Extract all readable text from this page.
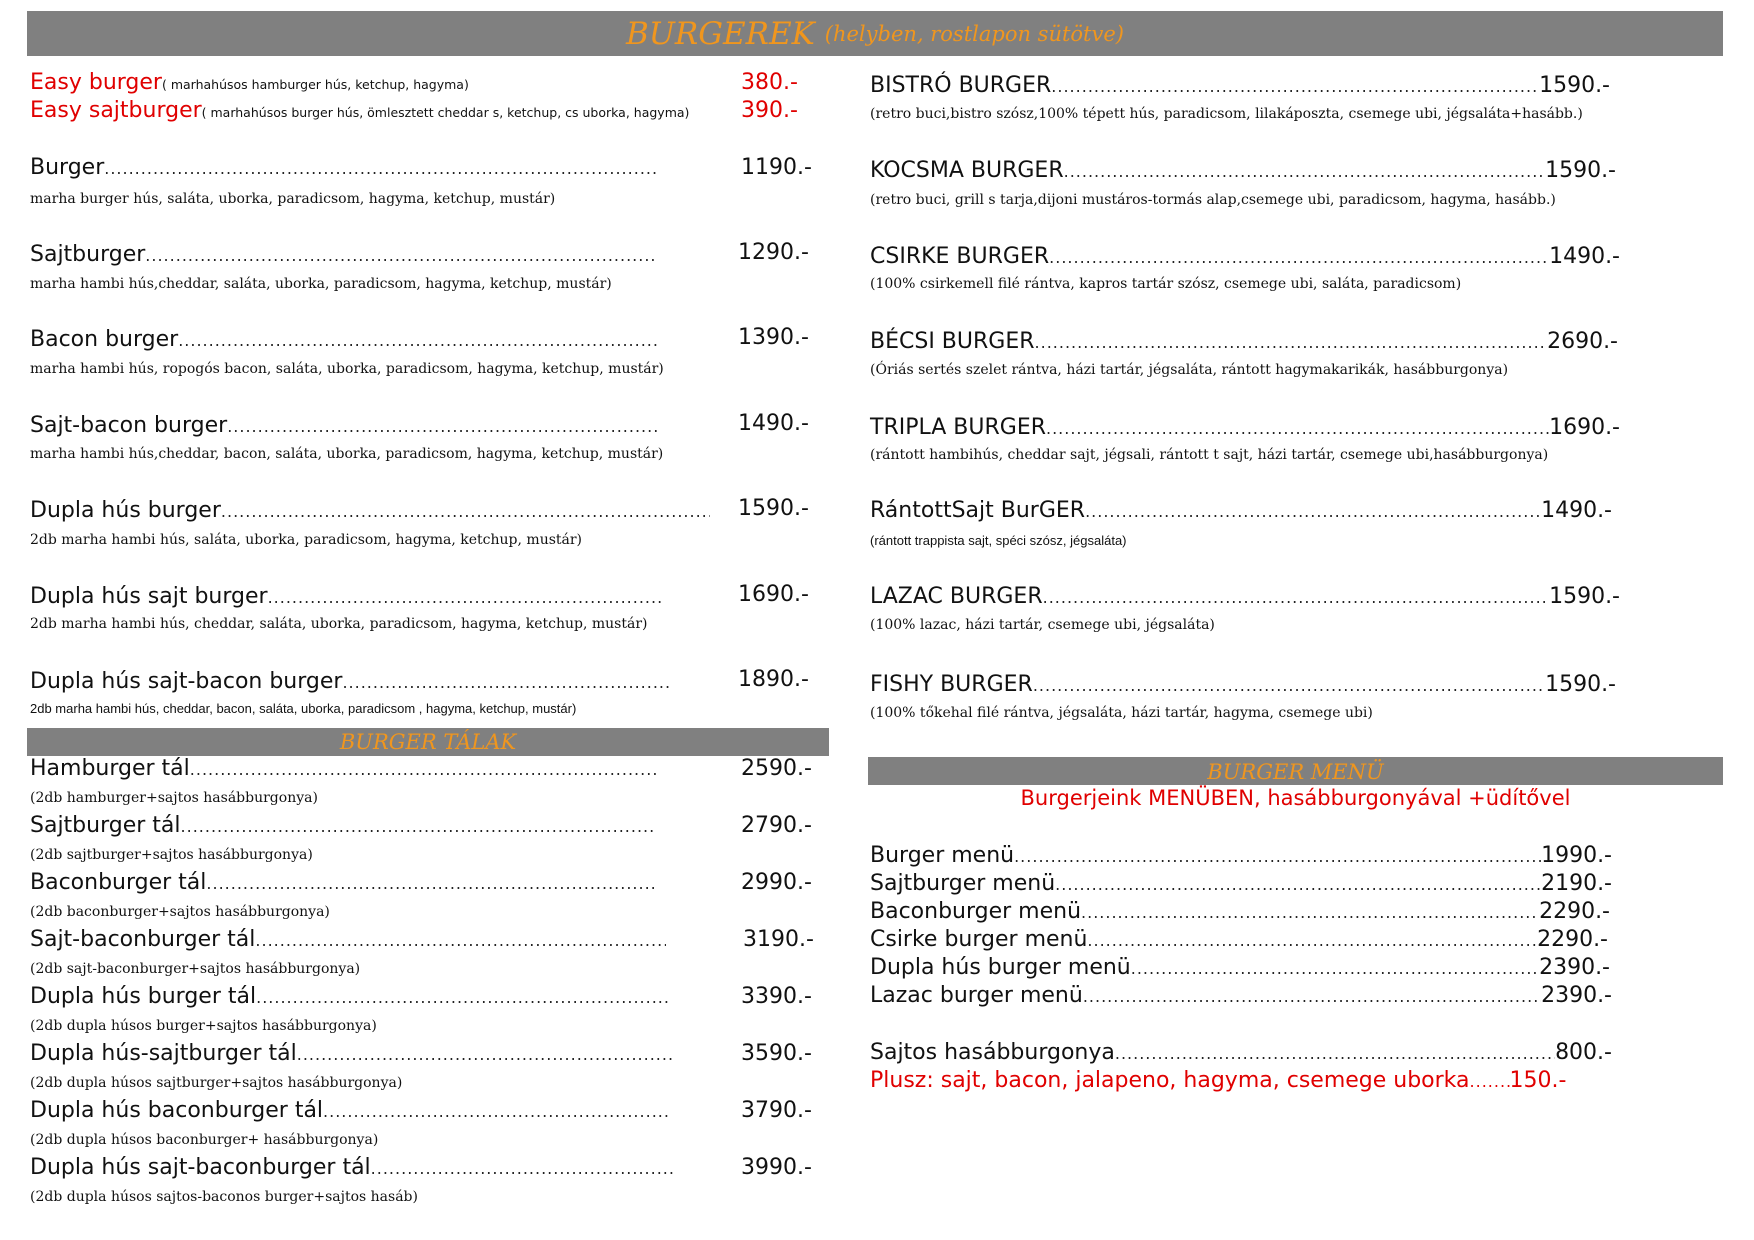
BURGEREK (helyben, rostlapon sütötve)
Easy burger( marhahúsos hamburger hús, ketchup, hagyma)	380.-
Easy sajtburger( marhahúsos burger hús, ömlesztett cheddar s, ketchup, cs uborka, hagyma) 390.-
Burger .....	1190.-
marha burger hús, saláta, uborka, paradicsom, hagyma, ketchup, mustár)
Sajtburger .....	1290.-
marha hambi hús,cheddar, saláta, uborka, paradicsom, hagyma, ketchup, mustár)
Bacon burger .....	1390.-
marha hambi hús, ropogós bacon, saláta, uborka, paradicsom, hagyma, ketchup, mustár)
Sajt-bacon burger .....	1490.-
marha hambi hús,cheddar, bacon, saláta, uborka, paradicsom, hagyma, ketchup, mustár)
Dupla hús burger .....	1590.-
2db marha hambi hús, saláta, uborka, paradicsom, hagyma, ketchup, mustár)
Dupla hús sajt burger .....	1690.-
2db marha hambi hús, cheddar, saláta, uborka, paradicsom, hagyma, ketchup, mustár)
Dupla hús sajt-bacon burger .....	1890.-
2db marha hambi hús, cheddar, bacon, saláta, uborka, paradicsom , hagyma, ketchup, mustár)
BURGER TÁLAK
Hamburger tál .....	2590.-
(2db hamburger+sajtos hasábburgonya)
Sajtburger tál .....	2790.-
(2db sajtburger+sajtos hasábburgonya)
Baconburger tál .....	2990.-
(2db baconburger+sajtos hasábburgonya)
Sajt-baconburger tál .....	3190.-
(2db sajt-baconburger+sajtos hasábburgonya)
Dupla hús burger tál .....	3390.-
(2db dupla húsos burger+sajtos hasábburgonya)
Dupla hús-sajtburger tál .....	3590.-
(2db dupla húsos sajtburger+sajtos hasábburgonya)
Dupla hús baconburger tál .....	3790.-
(2db dupla húsos baconburger+ hasábburgonya)
Dupla hús sajt-baconburger tál .....	3990.-
(2db dupla húsos sajtos-baconos burger+sajtos hasáb)
BISTRÓ BURGER .....	1590.-
(retro buci,bistro szósz,100% tépett hús, paradicsom, lilakáposzta, csemege ubi, jégsaláta+hasább.)
KOCSMA BURGER .....	1590.-
(retro buci, grill s tarja,dijoni mustáros-tormás alap,csemege ubi, paradicsom, hagyma, hasább.)
CSIRKE BURGER .....	1490.-
(100% csirkemell filé rántva, kapros tartár szósz, csemege ubi, saláta, paradicsom)
BÉCSI BURGER .....	2690.-
(Óriás sertés szelet rántva, házi tartár, jégsaláta, rántott hagymakarikák, hasábburgonya)
TRIPLA BURGER .....	1690.-
(rántott hambihús, cheddar sajt, jégsali, rántott t sajt, házi tartár, csemege ubi,hasábburgonya)
RántottSajt BurGER .....	1490.-
(rántott trappista sajt, spéci szósz, jégsaláta)
LAZAC BURGER .....	1590.-
(100% lazac, házi tartár, csemege ubi, jégsaláta)
FISHY BURGER .....	1590.-
(100% tőkehal filé rántva, jégsaláta, házi tartár, hagyma, csemege ubi)
BURGER MENÜ
Burgerjeink MENÜBEN, hasábburgonyával +üdítővel
Burger menü .....	1990.-
Sajtburger menü .....	2190.-
Baconburger menü .....	2290.-
Csirke burger menü .....	2290.-
Dupla hús burger menü .....	2390.-
Lazac burger menü .....	2390.-
Sajtos hasábburgonya .....	800.-
Plusz: sajt, bacon, jalapeno, hagyma, csemege uborka ..... 150.-
